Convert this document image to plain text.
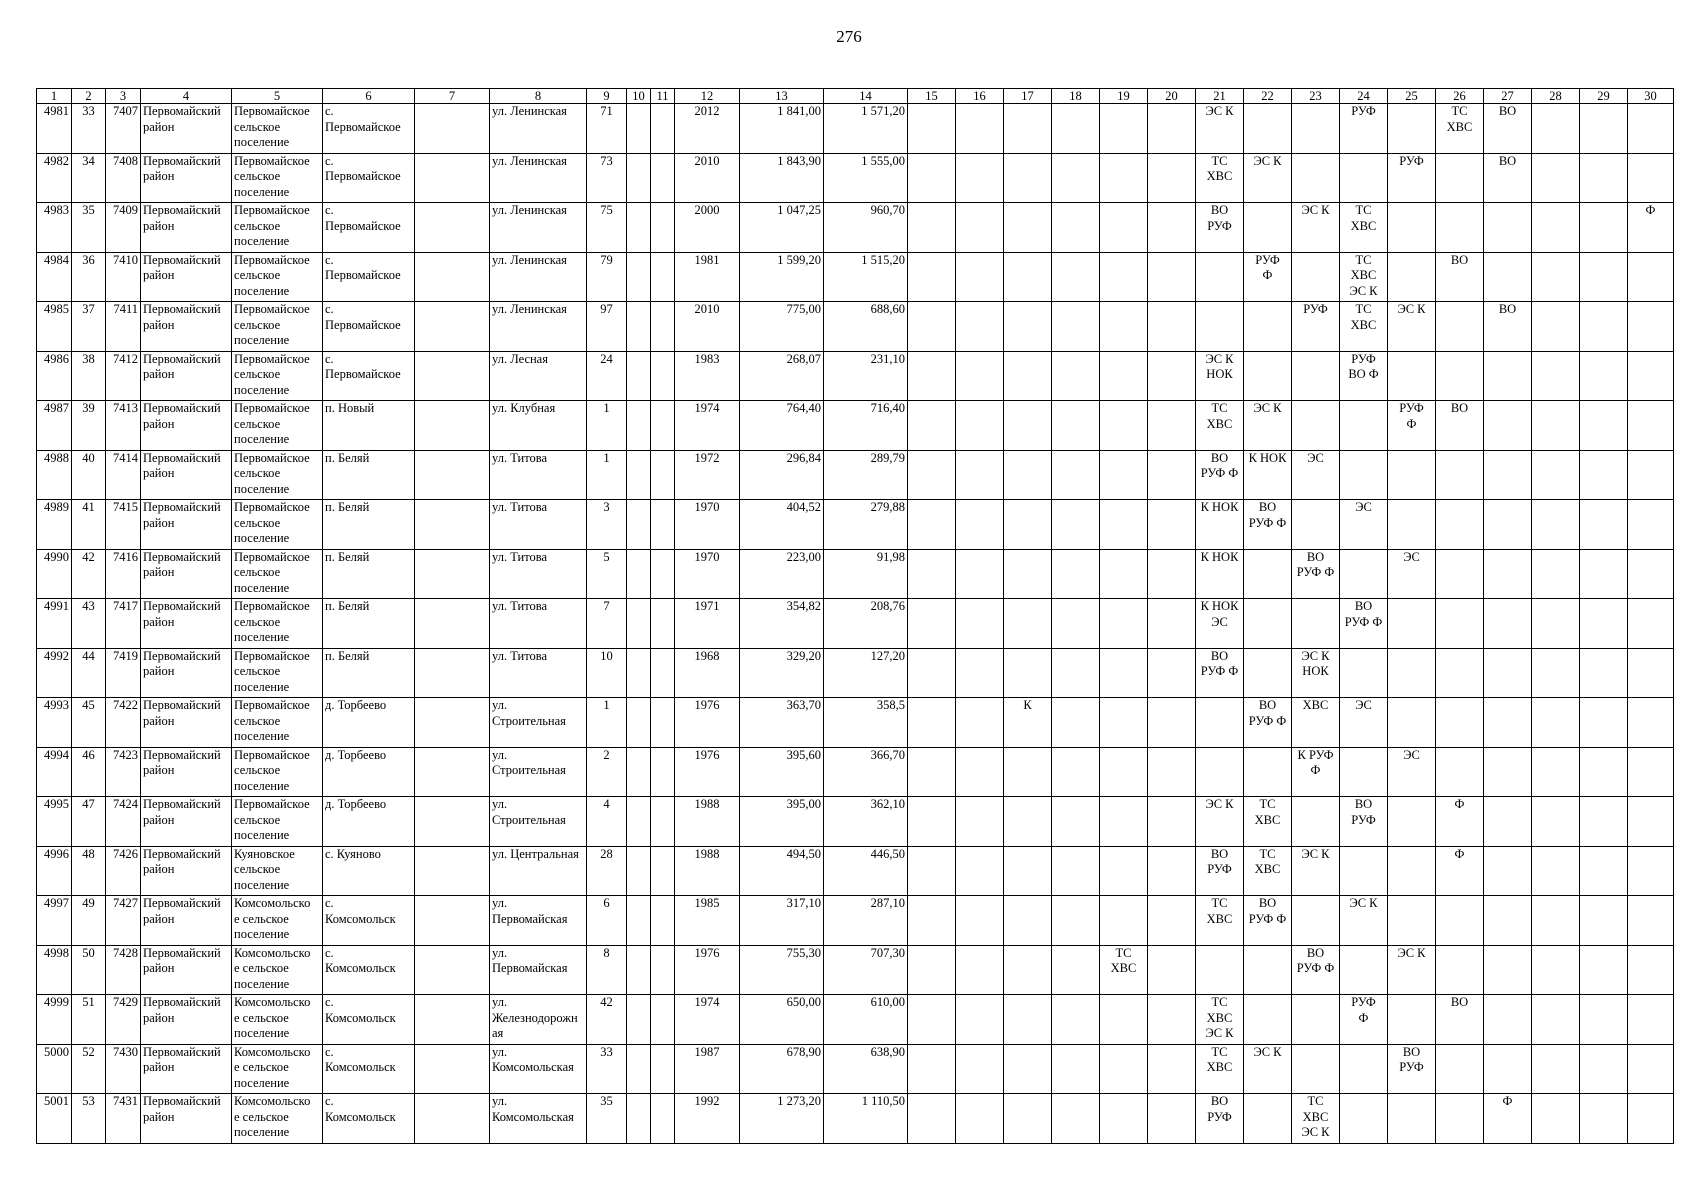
276
1	2	3	4	5	6	7	8	9	10	11	12	13	14	15	16	17	18	19	20	21	22	23	24	25	26	27	28	29	30
4981	33	7407	Первомайский
район	Первомайское
сельское
поселение	с.
Первомайское		ул. Ленинская	71			2012	1 841,00	1 571,20							ЭС К			РУФ		ТС
ХВС	ВО			

4982	34	7408	Первомайский
район	Первомайское
сельское
поселение	с.
Первомайское		ул. Ленинская	73			2010	1 843,90	1 555,00							ТС
ХВС	ЭС К			РУФ		ВО			

4983	35	7409	Первомайский
район	Первомайское
сельское
поселение	с.
Первомайское		ул. Ленинская	75			2000	1 047,25	960,70							ВО
РУФ		ЭС К	ТС
ХВС						Ф

4984	36	7410	Первомайский
район	Первомайское
сельское
поселение	с.
Первомайское		ул. Ленинская	79			1981	1 599,20	1 515,20								РУФ
Ф		ТС
ХВС
ЭС К		ВО				

4985	37	7411	Первомайский
район	Первомайское
сельское
поселение	с.
Первомайское		ул. Ленинская	97			2010	775,00	688,60									РУФ	ТС
ХВС	ЭС К		ВО			

4986	38	7412	Первомайский
район	Первомайское
сельское
поселение	с.
Первомайское		ул. Лесная	24			1983	268,07	231,10							ЭС К
НОК			РУФ
ВО Ф						

4987	39	7413	Первомайский
район	Первомайское
сельское
поселение	п. Новый		ул. Клубная	1			1974	764,40	716,40							ТС
ХВС	ЭС К			РУФ
Ф	ВО				

4988	40	7414	Первомайский
район	Первомайское
сельское
поселение	п. Беляй		ул. Титова	1			1972	296,84	289,79							ВО
РУФ Ф	К НОК	ЭС							

4989	41	7415	Первомайский
район	Первомайское
сельское
поселение	п. Беляй		ул. Титова	3			1970	404,52	279,88							К НОК	ВО
РУФ Ф		ЭС						

4990	42	7416	Первомайский
район	Первомайское
сельское
поселение	п. Беляй		ул. Титова	5			1970	223,00	91,98							К НОК		ВО
РУФ Ф		ЭС					

4991	43	7417	Первомайский
район	Первомайское
сельское
поселение	п. Беляй		ул. Титова	7			1971	354,82	208,76							К НОК
ЭС			ВО
РУФ Ф						

4992	44	7419	Первомайский
район	Первомайское
сельское
поселение	п. Беляй		ул. Титова	10			1968	329,20	127,20							ВО
РУФ Ф		ЭС К
НОК							

4993	45	7422	Первомайский
район	Первомайское
сельское
поселение	д. Торбеево		ул.
Строительная	1			1976	363,70	358,5			К					ВО
РУФ Ф	ХВС	ЭС						

4994	46	7423	Первомайский
район	Первомайское
сельское
поселение	д. Торбеево		ул.
Строительная	2			1976	395,60	366,70									К РУФ
Ф		ЭС					

4995	47	7424	Первомайский
район	Первомайское
сельское
поселение	д. Торбеево		ул.
Строительная	4			1988	395,00	362,10							ЭС К	ТС
ХВС		ВО
РУФ		Ф				

4996	48	7426	Первомайский
район	Куяновское
сельское
поселение	с. Куяново		ул. Центральная	28			1988	494,50	446,50							ВО
РУФ	ТС
ХВС	ЭС К			Ф				

4997	49	7427	Первомайский
район	Комсомольско
е сельское
поселение	с.
Комсомольск		ул.
Первомайская	6			1985	317,10	287,10							ТС
ХВС	ВО
РУФ Ф		ЭС К						

4998	50	7428	Первомайский
район	Комсомольско
е сельское
поселение	с.
Комсомольск		ул.
Первомайская	8			1976	755,30	707,30					ТС
ХВС				ВО
РУФ Ф		ЭС К					

4999	51	7429	Первомайский
район	Комсомольско
е сельское
поселение	с.
Комсомольск		ул.
Железнодорожн
ая	42			1974	650,00	610,00							ТС
ХВС
ЭС К			РУФ
Ф		ВО				

5000	52	7430	Первомайский
район	Комсомольско
е сельское
поселение	с.
Комсомольск		ул.
Комсомольская	33			1987	678,90	638,90							ТС
ХВС	ЭС К			ВО
РУФ					

5001	53	7431	Первомайский
район	Комсомольско
е сельское
поселение	с.
Комсомольск		ул.
Комсомольская	35			1992	1 273,20	1 110,50							ВО
РУФ		ТС
ХВС
ЭС К				Ф			
